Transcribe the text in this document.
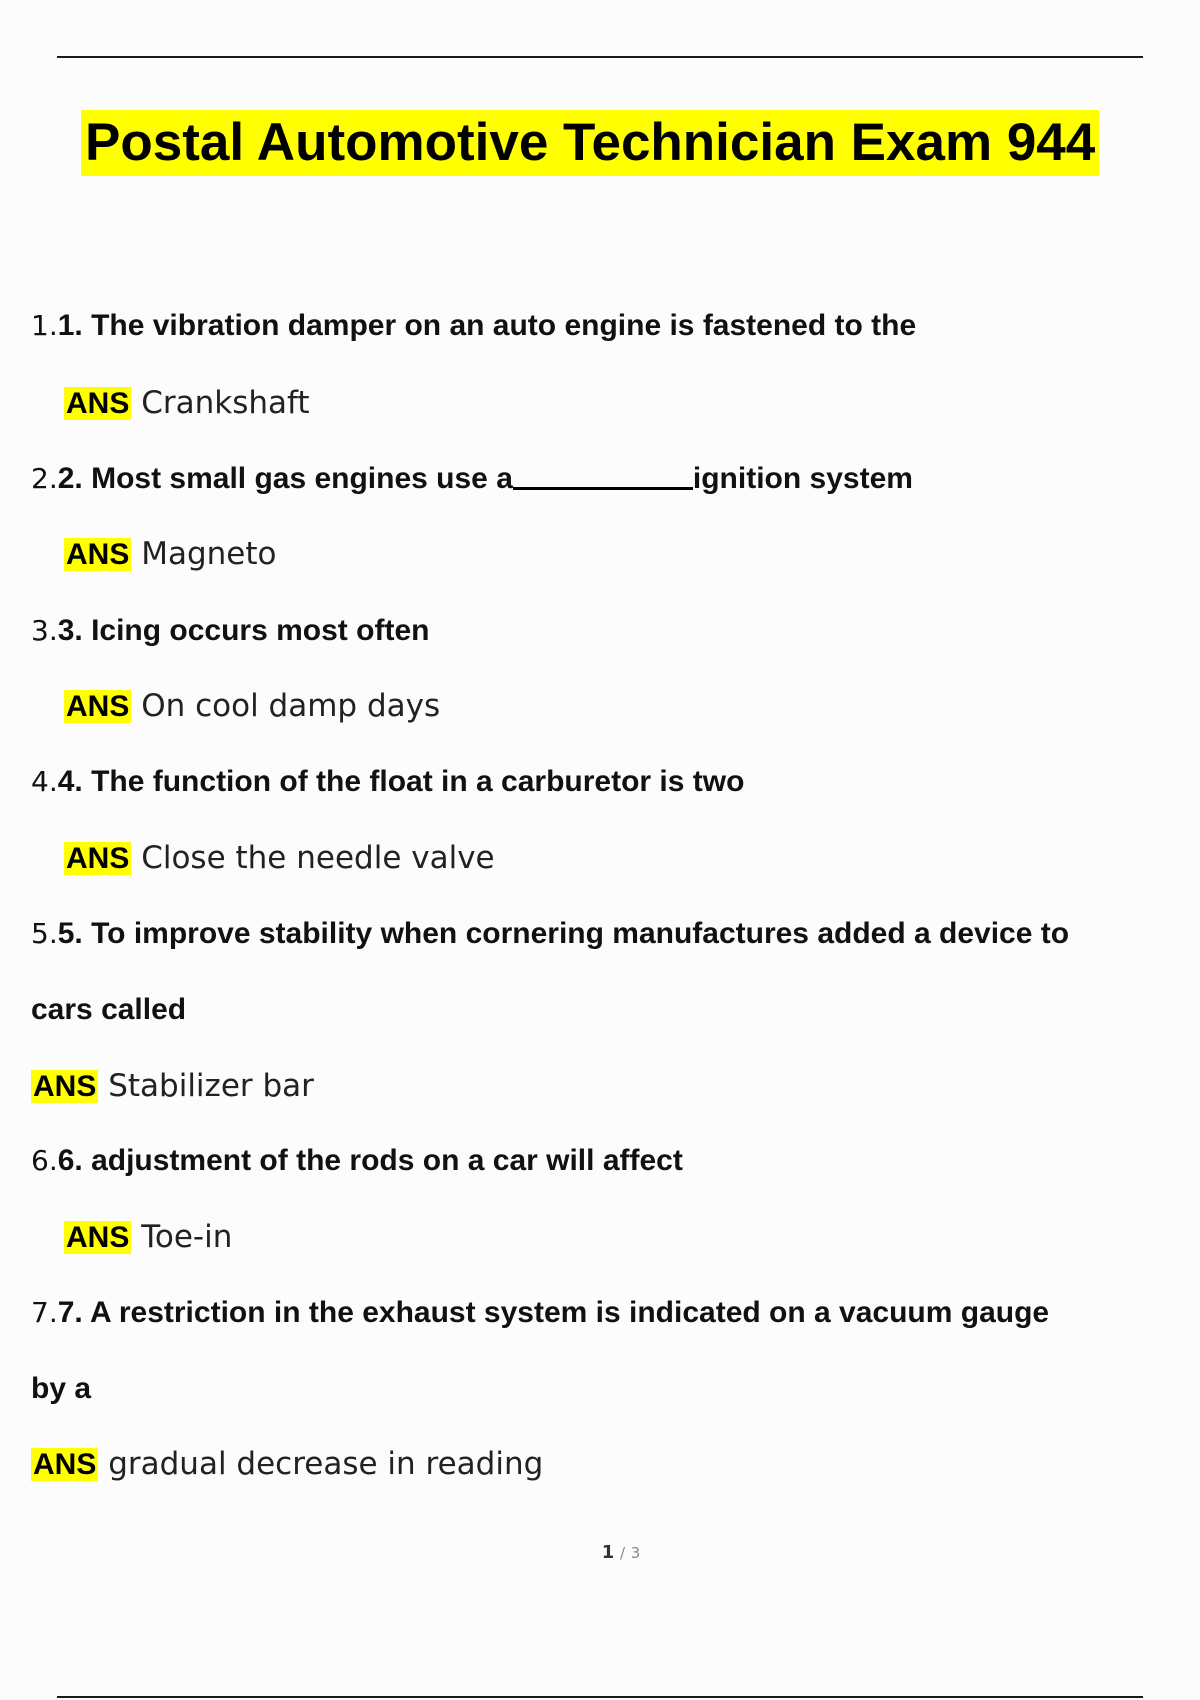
Postal Automotive Technician Exam 944
1.1. The vibration damper on an auto engine is fastened to the
ANS Crankshaft
2.2. Most small gas engines use a	ignition system
ANS Magneto
3.3. Icing occurs most often
ANS On cool damp days
4.4. The function of the float in a carburetor is two
ANS Close the needle valve
5.5. To improve stability when cornering manufactures added a device to
cars called
ANS Stabilizer bar
6.6. adjustment of the rods on a car will affect
ANS Toe-in
7.7. A restriction in the exhaust system is indicated on a vacuum gauge
by a
ANS gradual decrease in reading
1 / 3
